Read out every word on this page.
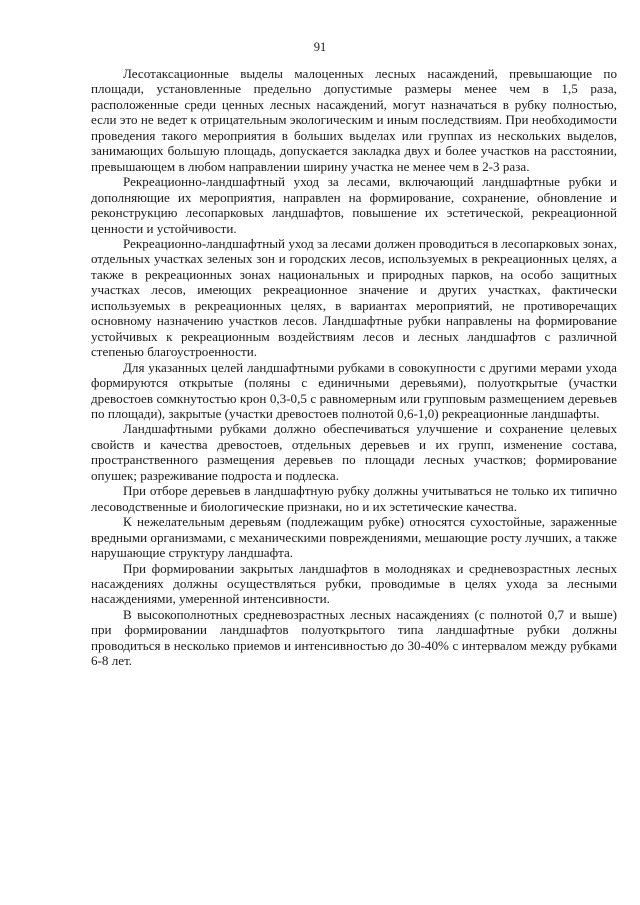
91

Лесотаксационные выделы малоценных лесных насаждений, превышающие по площади, установленные предельно допустимые размеры менее чем в 1,5 раза, расположенные среди ценных лесных насаждений, могут назначаться в рубку полностью, если это не ведет к отрицательным экологическим и иным последствиям. При необходимости проведения такого мероприятия в больших выделах или группах из нескольких выделов, занимающих большую площадь, допускается закладка двух и более участков на расстоянии, превышающем в любом направлении ширину участка не менее чем в 2-3 раза.

Рекреационно-ландшафтный уход за лесами, включающий ландшафтные рубки и дополняющие их мероприятия, направлен на формирование, сохранение, обновление и реконструкцию лесопарковых ландшафтов, повышение их эстетической, рекреационной ценности и устойчивости.

Рекреационно-ландшафтный уход за лесами должен проводиться в лесопарковых зонах, отдельных участках зеленых зон и городских лесов, используемых в рекреационных целях, а также в рекреационных зонах национальных и природных парков, на особо защитных участках лесов, имеющих рекреационное значение и других участках, фактически используемых в рекреационных целях, в вариантах мероприятий, не противоречащих основному назначению участков лесов. Ландшафтные рубки направлены на формирование устойчивых к рекреационным воздействиям лесов и лесных ландшафтов с различной степенью благоустроенности.

Для указанных целей ландшафтными рубками в совокупности с другими мерами ухода формируются открытые (поляны с единичными деревьями), полуоткрытые (участки древостоев сомкнутостью крон 0,3-0,5 с равномерным или групповым размещением деревьев по площади), закрытые (участки древостоев полнотой 0,6-1,0) рекреационные ландшафты.

Ландшафтными рубками должно обеспечиваться улучшение и сохранение целевых свойств и качества древостоев, отдельных деревьев и их групп, изменение состава, пространственного размещения деревьев по площади лесных участков; формирование опушек; разреживание подроста и подлеска.

При отборе деревьев в ландшафтную рубку должны учитываться не только их типично лесоводственные и биологические признаки, но и их эстетические качества.

К нежелательным деревьям (подлежащим рубке) относятся сухостойные, зараженные вредными организмами, с механическими повреждениями, мешающие росту лучших, а также нарушающие структуру ландшафта.

При формировании закрытых ландшафтов в молодняках и средневозрастных лесных насаждениях должны осуществляться рубки, проводимые в целях ухода за лесными насаждениями, умеренной интенсивности.

В высокополнотных средневозрастных лесных насаждениях (с полнотой 0,7 и выше) при формировании ландшафтов полуоткрытого типа ландшафтные рубки должны проводиться в несколько приемов и интенсивностью до 30-40% с интервалом между рубками 6-8 лет.
